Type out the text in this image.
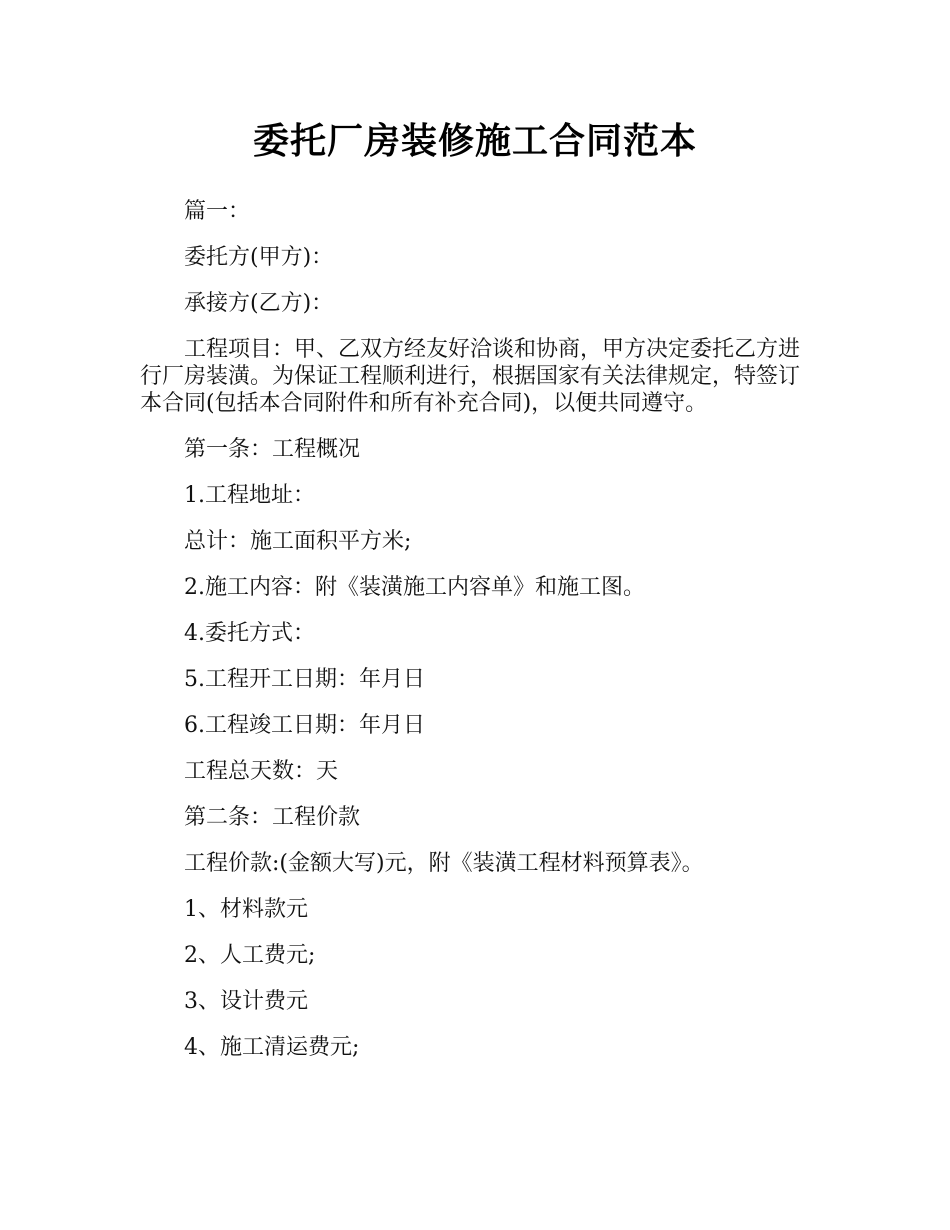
委托厂房装修施工合同范本

篇一：

委托方(甲方)：

承接方(乙方)：

工程项目：甲、乙双方经友好洽谈和协商，甲方决定委托乙方进行厂房装潢。为保证工程顺利进行，根据国家有关法律规定，特签订本合同(包括本合同附件和所有补充合同)，以便共同遵守。

第一条：工程概况

1.工程地址：

总计：施工面积平方米;

2.施工内容：附《装潢施工内容单》和施工图。

4.委托方式：

5.工程开工日期：年月日

6.工程竣工日期：年月日

工程总天数：天

第二条：工程价款

工程价款:(金额大写)元，附《装潢工程材料预算表》。

1、材料款元

2、人工费元;

3、设计费元

4、施工清运费元;
